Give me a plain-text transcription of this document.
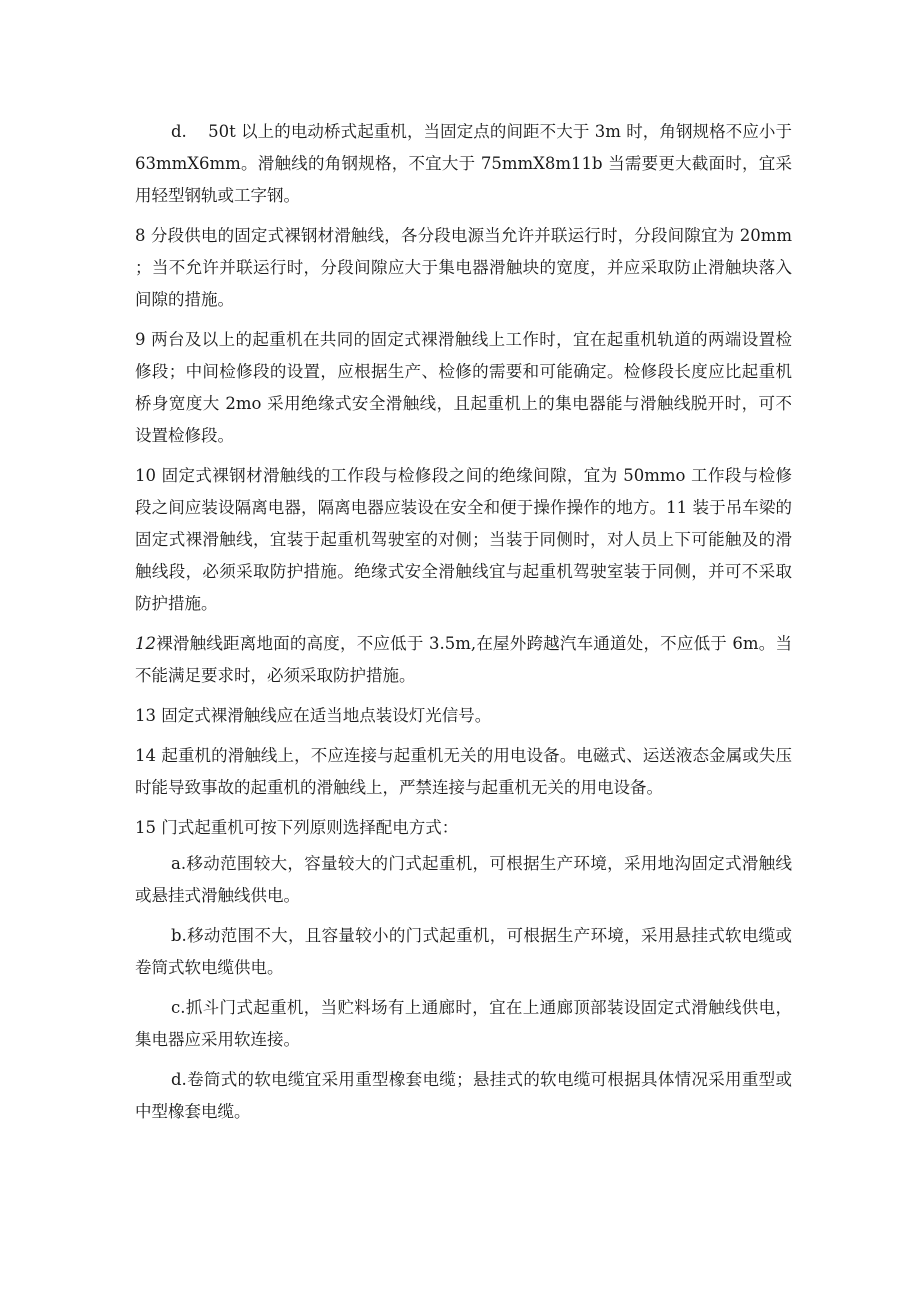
d.    50t 以上的电动桥式起重机，当固定点的间距不大于 3m 时，角钢规格不应小于 63mmX6mm。滑触线的角钢规格，不宜大于 75mmX8m11b 当需要更大截面时，宜采用轻型钢轨或工字钢。

8 分段供电的固定式裸钢材滑触线，各分段电源当允许并联运行时，分段间隙宜为 20mm ；当不允许并联运行时，分段间隙应大于集电器滑触块的宽度，并应采取防止滑触块落入间隙的措施。

9 两台及以上的起重机在共同的固定式裸滑触线上工作时，宜在起重机轨道的两端设置检修段；中间检修段的设置，应根据生产、检修的需要和可能确定。检修段长度应比起重机桥身宽度大 2mo 采用绝缘式安全滑触线，且起重机上的集电器能与滑触线脱开时，可不设置检修段。

10 固定式裸钢材滑触线的工作段与检修段之间的绝缘间隙，宜为 50mmo 工作段与检修段之间应装设隔离电器，隔离电器应装设在安全和便于操作操作的地方。11 装于吊车梁的固定式裸滑触线，宜装于起重机驾驶室的对侧；当装于同侧时，对人员上下可能触及的滑触线段，必须采取防护措施。绝缘式安全滑触线宜与起重机驾驶室装于同侧，并可不采取防护措施。

12裸滑触线距离地面的高度，不应低于 3.5m,在屋外跨越汽车通道处，不应低于 6m。当不能满足要求时，必须采取防护措施。

13 固定式裸滑触线应在适当地点装设灯光信号。

14 起重机的滑触线上，不应连接与起重机无关的用电设备。电磁式、运送液态金属或失压时能导致事故的起重机的滑触线上，严禁连接与起重机无关的用电设备。

15 门式起重机可按下列原则选择配电方式：

a.移动范围较大，容量较大的门式起重机，可根据生产环境，采用地沟固定式滑触线或悬挂式滑触线供电。

b.移动范围不大，且容量较小的门式起重机，可根据生产环境，采用悬挂式软电缆或卷筒式软电缆供电。

c.抓斗门式起重机，当贮料场有上通廊时，宜在上通廊顶部装设固定式滑触线供电，集电器应采用软连接。

d.卷筒式的软电缆宜采用重型橡套电缆；悬挂式的软电缆可根据具体情况采用重型或中型橡套电缆。
